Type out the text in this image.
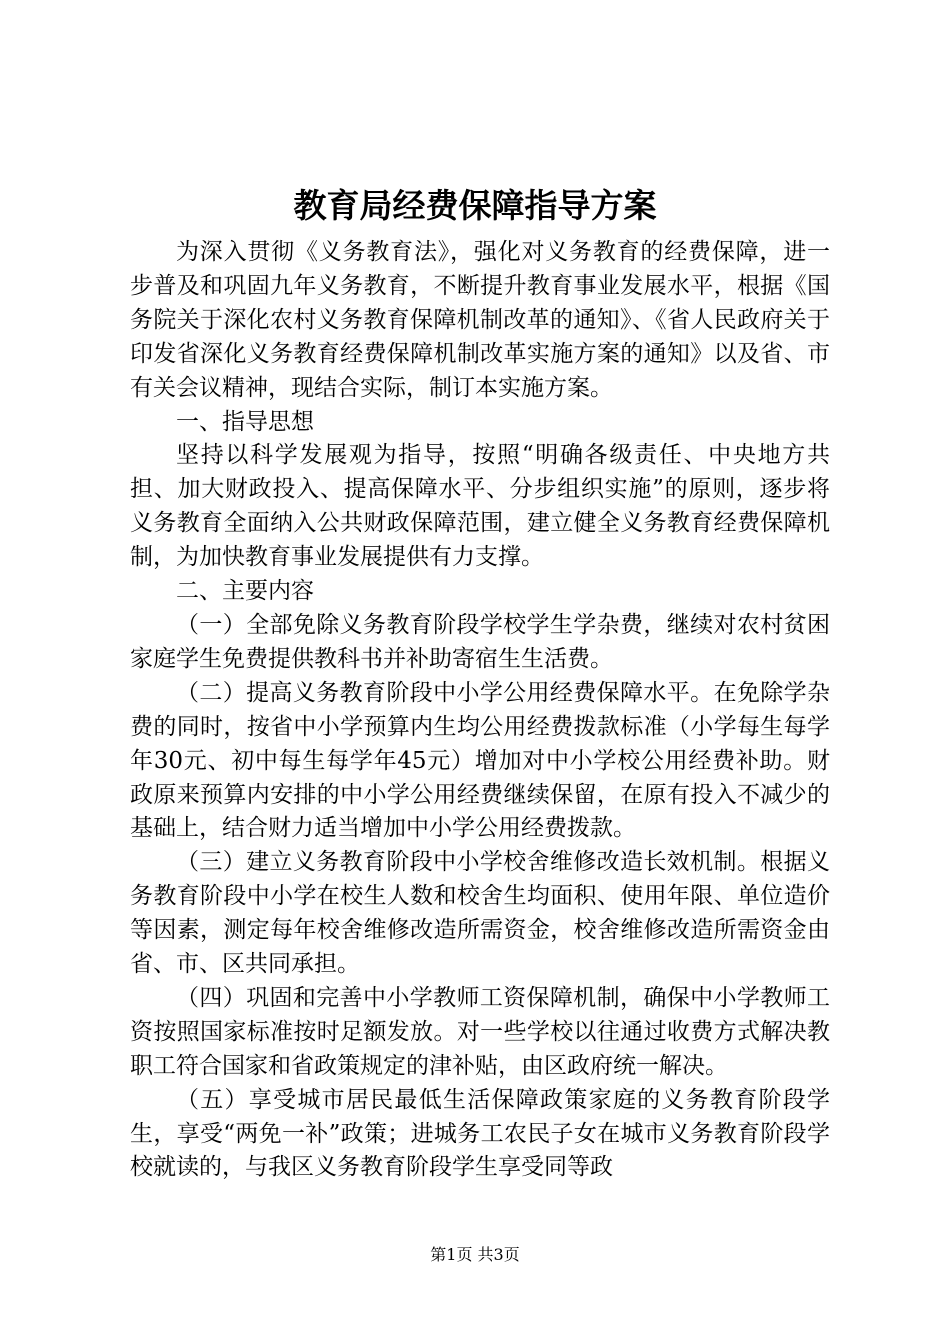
教育局经费保障指导方案

为深入贯彻《义务教育法》，强化对义务教育的经费保障，进一步普及和巩固九年义务教育，不断提升教育事业发展水平，根据《国务院关于深化农村义务教育保障机制改革的通知》、《省人民政府关于印发省深化义务教育经费保障机制改革实施方案的通知》以及省、市有关会议精神，现结合实际，制订本实施方案。

一、指导思想

坚持以科学发展观为指导，按照“明确各级责任、中央地方共担、加大财政投入、提高保障水平、分步组织实施”的原则，逐步将义务教育全面纳入公共财政保障范围，建立健全义务教育经费保障机制，为加快教育事业发展提供有力支撑。

二、主要内容

（一）全部免除义务教育阶段学校学生学杂费，继续对农村贫困家庭学生免费提供教科书并补助寄宿生生活费。

（二）提高义务教育阶段中小学公用经费保障水平。在免除学杂费的同时，按省中小学预算内生均公用经费拨款标准（小学每生每学年30元、初中每生每学年45元）增加对中小学校公用经费补助。财政原来预算内安排的中小学公用经费继续保留，在原有投入不减少的基础上，结合财力适当增加中小学公用经费拨款。

（三）建立义务教育阶段中小学校舍维修改造长效机制。根据义务教育阶段中小学在校生人数和校舍生均面积、使用年限、单位造价等因素，测定每年校舍维修改造所需资金，校舍维修改造所需资金由省、市、区共同承担。

（四）巩固和完善中小学教师工资保障机制，确保中小学教师工资按照国家标准按时足额发放。对一些学校以往通过收费方式解决教职工符合国家和省政策规定的津补贴，由区政府统一解决。

（五）享受城市居民最低生活保障政策家庭的义务教育阶段学生，享受“两免一补”政策；进城务工农民子女在城市义务教育阶段学校就读的，与我区义务教育阶段学生享受同等政

第1页 共3页
